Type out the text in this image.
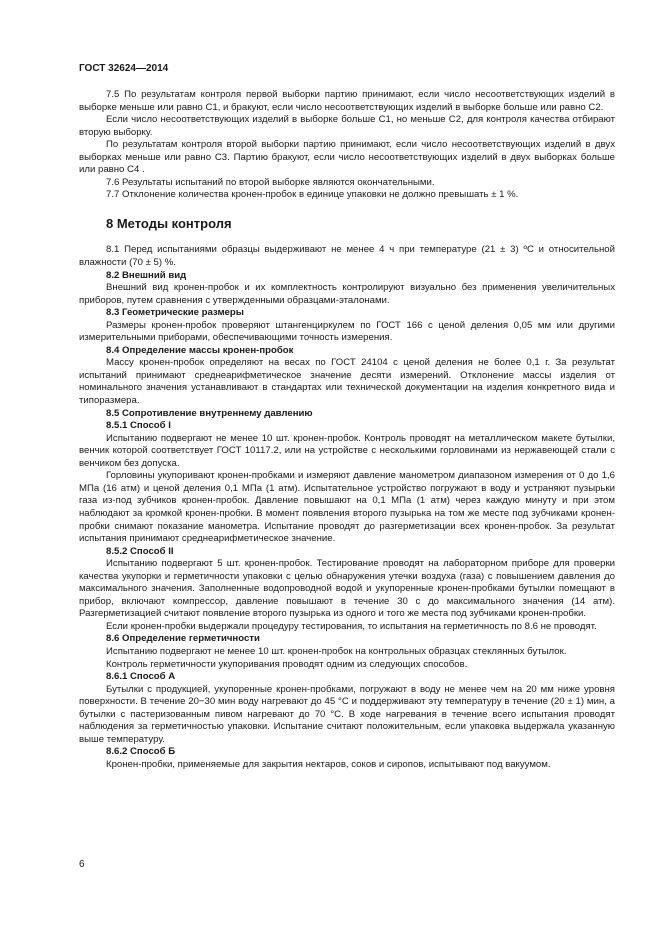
ГОСТ 32624—2014

7.5 По результатам контроля первой выборки партию принимают, если число несоответствующих изделий в выборке меньше или равно С1, и бракуют, если число несоответствующих изделий в выборке больше или равно С2.

Если число несоответствующих изделий в выборке больше С1, но меньше С2, для контроля качества отбирают вторую выборку.

По результатам контроля второй выборки партию принимают, если число несоответствующих изделий в двух выборках меньше или равно С3. Партию бракуют, если число несоответствующих изделий в двух выборках больше или равно С4 .

7.6 Результаты испытаний по второй выборке являются окончательными.

7.7 Отклонение количества кронен-пробок в единице упаковки не должно превышать ± 1 %.

8 Методы контроля

8.1 Перед испытаниями образцы выдерживают не менее 4 ч при температуре (21 ± 3) ºС и относительной влажности (70 ± 5) %.

8.2 Внешний вид

Внешний вид кронен-пробок и их комплектность контролируют визуально без применения увеличительных приборов, путем сравнения с утвержденными образцами-эталонами.

8.3 Геометрические размеры

Размеры кронен-пробок проверяют штангенциркулем по ГОСТ 166 с ценой деления 0,05 мм или другими измерительными приборами, обеспечивающими точность измерения.

8.4 Определение массы кронен-пробок

Массу кронен-пробок определяют на весах по ГОСТ 24104 с ценой деления не более 0,1 г. За результат испытаний принимают среднеарифметическое значение десяти измерений. Отклонение массы изделия от номинального значения устанавливают в стандартах или технической документации на изделия конкретного вида и типоразмера.

8.5 Сопротивление внутреннему давлению

8.5.1 Способ I

Испытанию подвергают не менее 10 шт. кронен-пробок. Контроль проводят на металлическом макете бутылки, венчик которой соответствует ГОСТ 10117.2, или на устройстве с несколькими горловинами из нержавеющей стали с венчиком без допуска.

Горловины укупоривают кронен-пробками и измеряют давление манометром диапазоном измерения от 0 до 1,6 МПа (16 атм) и ценой деления 0,1 МПа (1 атм). Испытательное устройство погружают в воду и устраняют пузырьки газа из-под зубчиков кронен-пробок. Давление повышают на 0,1 МПа (1 атм) через каждую минуту и при этом наблюдают за кромкой кронен-пробки. В момент появления второго пузырька на том же месте под зубчиками кронен-пробки снимают показание манометра. Испытание проводят до разгерметизации всех кронен-пробок. За результат испытания принимают среднеарифметическое значение.

8.5.2 Способ II

Испытанию подвергают 5 шт. кронен-пробок. Тестирование проводят на лабораторном приборе для проверки качества укупорки и герметичности упаковки с целью обнаружения утечки воздуха (газа) с повышением давления до максимального значения. Заполненные водопроводной водой и укупоренные кронен-пробками бутылки помещают в прибор, включают компрессор, давление повышают в течение 30 с до максимального значения (14 атм). Разгерметизацией считают появление второго пузырька из одного и того же места под зубчиками кронен-пробки.

Если кронен-пробки выдержали процедуру тестирования, то испытания на герметичность по 8.6 не проводят.

8.6 Определение герметичности

Испытанию подвергают не менее 10 шт. кронен-пробок на контрольных образцах стеклянных бутылок.

Контроль герметичности укупоривания проводят одним из следующих способов.

8.6.1 Способ А

Бутылки с продукцией, укупоренные кронен-пробками, погружают в воду не менее чем на 20 мм ниже уровня поверхности. В течение 20−30 мин воду нагревают до 45 °С и поддерживают эту температуру в течение (20 ± 1) мин, а бутылки с пастеризованным пивом нагревают до 70 °С. В ходе нагревания в течение всего испытания проводят наблюдения за герметичностью упаковки. Испытание считают положительным, если упаковка выдержала указанную выше температуру.

8.6.2 Способ Б

Кронен-пробки, применяемые для закрытия нектаров, соков и сиропов, испытывают под вакуумом.

6
